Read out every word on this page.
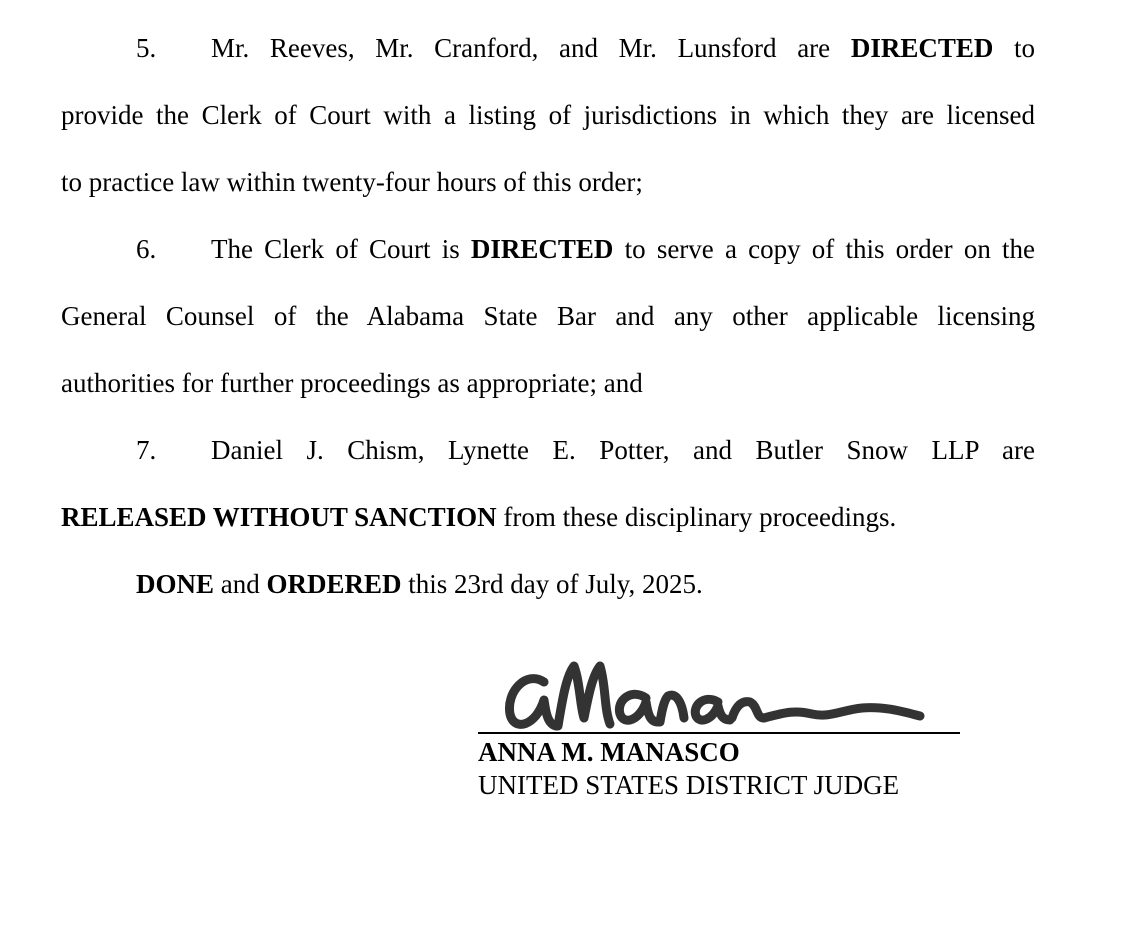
5. Mr. Reeves, Mr. Cranford, and Mr. Lunsford are DIRECTED to
provide the Clerk of Court with a listing of jurisdictions in which they are licensed
to practice law within twenty-four hours of this order;
6. The Clerk of Court is DIRECTED to serve a copy of this order on the
General Counsel of the Alabama State Bar and any other applicable licensing
authorities for further proceedings as appropriate; and
7. Daniel J. Chism, Lynette E. Potter, and Butler Snow LLP are
RELEASED WITHOUT SANCTION from these disciplinary proceedings.
DONE and ORDERED this 23rd day of July, 2025.
ANNA M. MANASCO
UNITED STATES DISTRICT JUDGE
